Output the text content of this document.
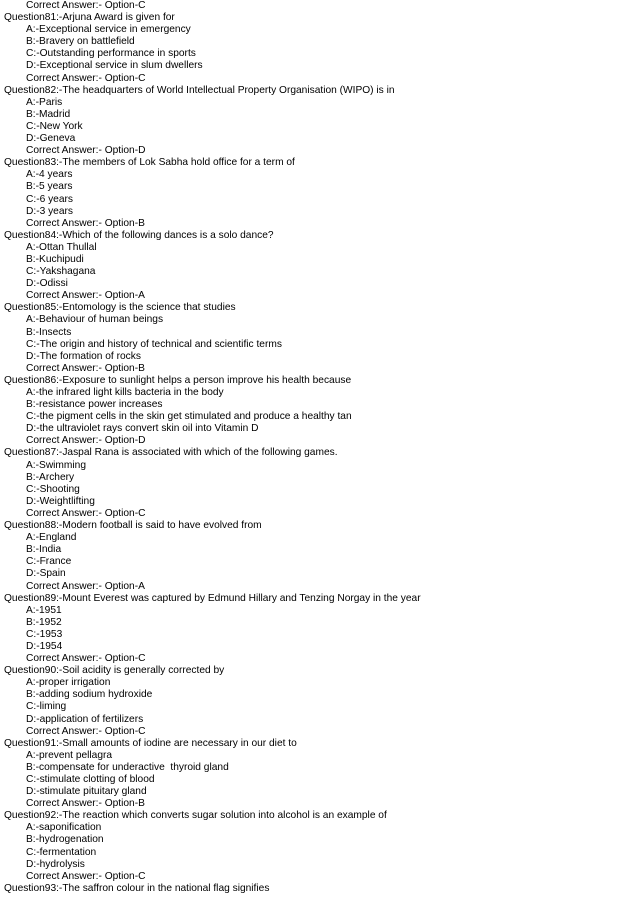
Correct Answer:- Option-C
Question81:-Arjuna Award is given for
A:-Exceptional service in emergency
B:-Bravery on battlefield
C:-Outstanding performance in sports
D:-Exceptional service in slum dwellers
Correct Answer:- Option-C
Question82:-The headquarters of World Intellectual Property Organisation (WIPO) is in
A:-Paris
B:-Madrid
C:-New York
D:-Geneva
Correct Answer:- Option-D
Question83:-The members of Lok Sabha hold office for a term of
A:-4 years
B:-5 years
C:-6 years
D:-3 years
Correct Answer:- Option-B
Question84:-Which of the following dances is a solo dance?
A:-Ottan Thullal
B:-Kuchipudi
C:-Yakshagana
D:-Odissi
Correct Answer:- Option-A
Question85:-Entomology is the science that studies
A:-Behaviour of human beings
B:-Insects
C:-The origin and history of technical and scientific terms
D:-The formation of rocks
Correct Answer:- Option-B
Question86:-Exposure to sunlight helps a person improve his health because
A:-the infrared light kills bacteria in the body
B:-resistance power increases
C:-the pigment cells in the skin get stimulated and produce a healthy tan
D:-the ultraviolet rays convert skin oil into Vitamin D
Correct Answer:- Option-D
Question87:-Jaspal Rana is associated with which of the following games.
A:-Swimming
B:-Archery
C:-Shooting
D:-Weightlifting
Correct Answer:- Option-C
Question88:-Modern football is said to have evolved from
A:-England
B:-India
C:-France
D:-Spain
Correct Answer:- Option-A
Question89:-Mount Everest was captured by Edmund Hillary and Tenzing Norgay in the year
A:-1951
B:-1952
C:-1953
D:-1954
Correct Answer:- Option-C
Question90:-Soil acidity is generally corrected by
A:-proper irrigation
B:-adding sodium hydroxide
C:-liming
D:-application of fertilizers
Correct Answer:- Option-C
Question91:-Small amounts of iodine are necessary in our diet to
A:-prevent pellagra
B:-compensate for underactive  thyroid gland
C:-stimulate clotting of blood
D:-stimulate pituitary gland
Correct Answer:- Option-B
Question92:-The reaction which converts sugar solution into alcohol is an example of
A:-saponification
B:-hydrogenation
C:-fermentation
D:-hydrolysis
Correct Answer:- Option-C
Question93:-The saffron colour in the national flag signifies
